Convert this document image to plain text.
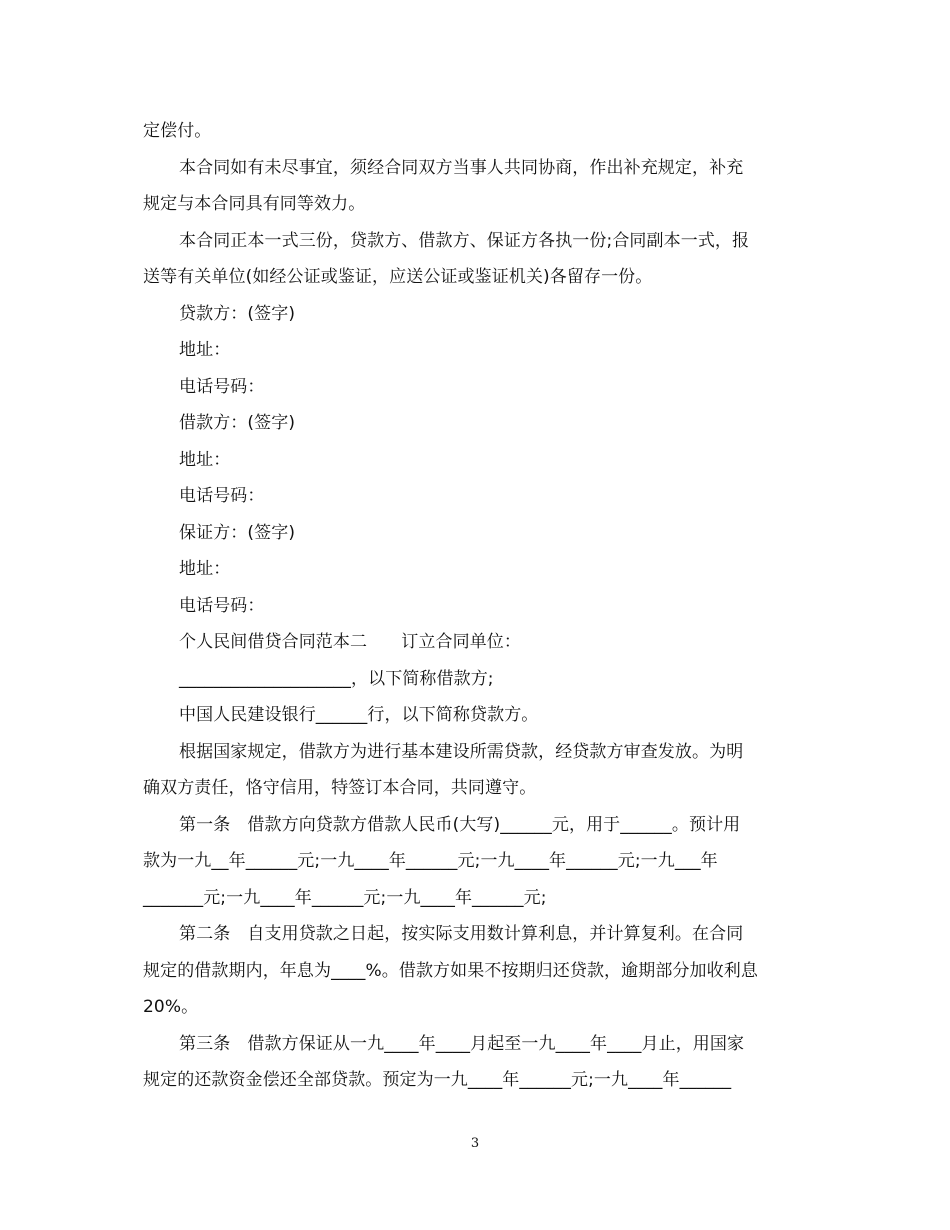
定偿付。
本合同如有未尽事宜，须经合同双方当事人共同协商，作出补充规定，补充
规定与本合同具有同等效力。
本合同正本一式三份，贷款方、借款方、保证方各执一份;合同副本一式，报
送等有关单位(如经公证或鉴证，应送公证或鉴证机关)各留存一份。
贷款方：(签字)
地址：
电话号码：
借款方：(签字)
地址：
电话号码：
保证方：(签字)
地址：
电话号码：
个人民间借贷合同范本二　　订立合同单位：
____________________，以下简称借款方;
中国人民建设银行______行，以下简称贷款方。
根据国家规定，借款方为进行基本建设所需贷款，经贷款方审查发放。为明
确双方责任，恪守信用，特签订本合同，共同遵守。
第一条　借款方向贷款方借款人民币(大写)______元，用于______。预计用
款为一九__年______元;一九____年______元;一九____年______元;一九___年
_______元;一九____年______元;一九____年______元;
第二条　自支用贷款之日起，按实际支用数计算利息，并计算复利。在合同
规定的借款期内，年息为____%。借款方如果不按期归还贷款，逾期部分加收利息
20%。
第三条　借款方保证从一九____年____月起至一九____年____月止，用国家
规定的还款资金偿还全部贷款。预定为一九____年______元;一九____年______
3
